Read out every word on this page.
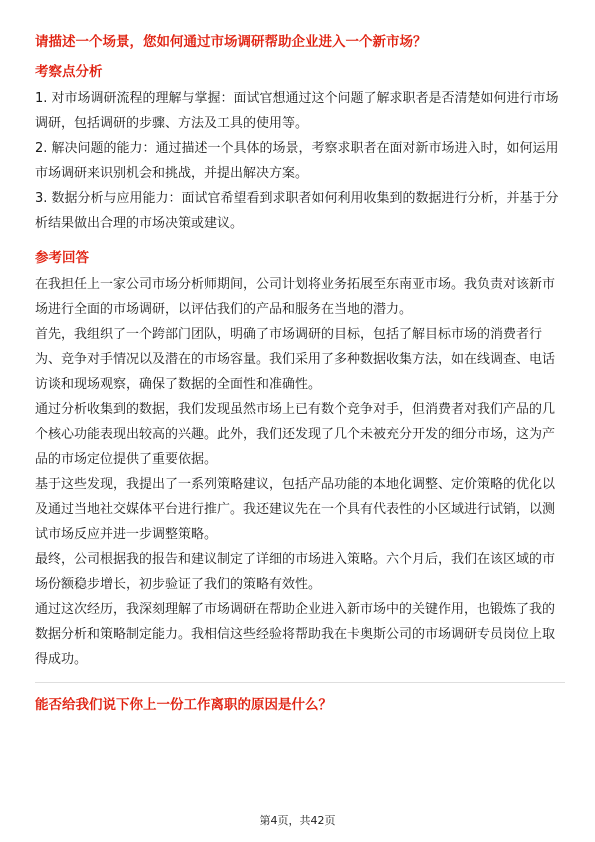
请描述一个场景，您如何通过市场调研帮助企业进入一个新市场？

考察点分析

1. 对市场调研流程的理解与掌握：面试官想通过这个问题了解求职者是否清楚如何进行市场调研，包括调研的步骤、方法及工具的使用等。

2. 解决问题的能力：通过描述一个具体的场景，考察求职者在面对新市场进入时，如何运用市场调研来识别机会和挑战，并提出解决方案。

3. 数据分析与应用能力：面试官希望看到求职者如何利用收集到的数据进行分析，并基于分析结果做出合理的市场决策或建议。

参考回答

在我担任上一家公司市场分析师期间，公司计划将业务拓展至东南亚市场。我负责对该新市场进行全面的市场调研，以评估我们的产品和服务在当地的潜力。

首先，我组织了一个跨部门团队，明确了市场调研的目标，包括了解目标市场的消费者行为、竞争对手情况以及潜在的市场容量。我们采用了多种数据收集方法，如在线调查、电话访谈和现场观察，确保了数据的全面性和准确性。

通过分析收集到的数据，我们发现虽然市场上已有数个竞争对手，但消费者对我们产品的几个核心功能表现出较高的兴趣。此外，我们还发现了几个未被充分开发的细分市场，这为产品的市场定位提供了重要依据。

基于这些发现，我提出了一系列策略建议，包括产品功能的本地化调整、定价策略的优化以及通过当地社交媒体平台进行推广。我还建议先在一个具有代表性的小区域进行试销，以测试市场反应并进一步调整策略。

最终，公司根据我的报告和建议制定了详细的市场进入策略。六个月后，我们在该区域的市场份额稳步增长，初步验证了我们的策略有效性。

通过这次经历，我深刻理解了市场调研在帮助企业进入新市场中的关键作用，也锻炼了我的数据分析和策略制定能力。我相信这些经验将帮助我在卡奥斯公司的市场调研专员岗位上取得成功。

能否给我们说下你上一份工作离职的原因是什么？

第4页，共42页
